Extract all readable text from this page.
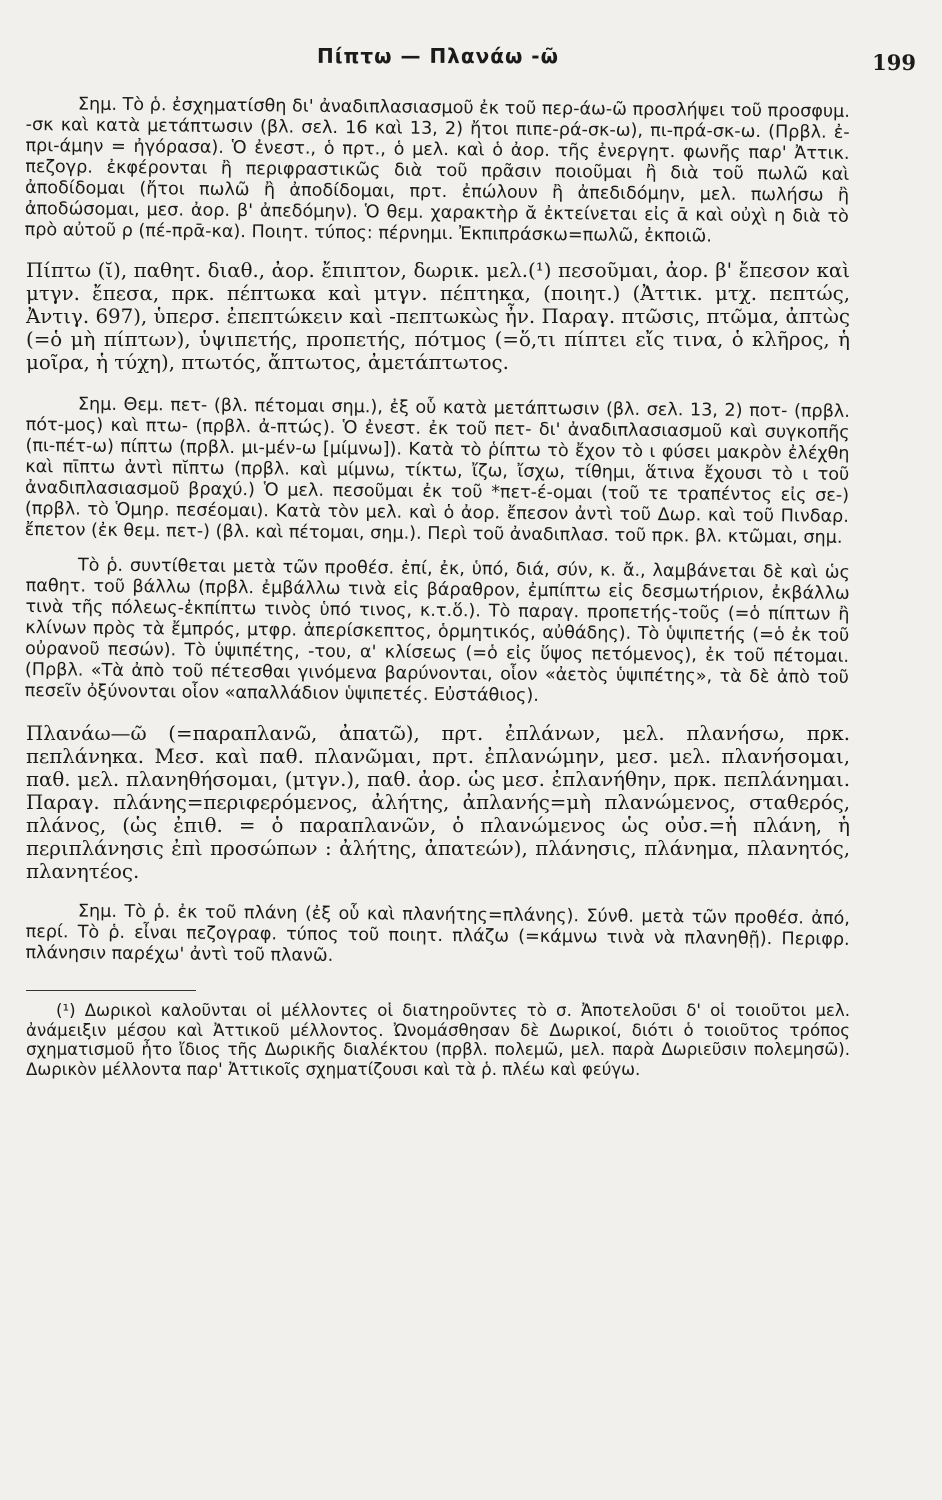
Πίπτω — Πλανάω -ῶ	199

Σημ. Τὸ ῥ. ἐσχηματίσθη δι' ἀναδιπλασιασμοῦ ἐκ τοῦ περ-άω-ῶ προσλήψει τοῦ προσφυμ. -σκ καὶ κατὰ μετάπτωσιν (βλ. σελ. 16 καὶ 13, 2) ἤτοι πιπε-ρά-σκ-ω), πι-πρά-σκ-ω. (Πρβλ. ἐ-πρι-άμην = ἠγόρασα). Ὁ ἐνεστ., ὁ πρτ., ὁ μελ. καὶ ὁ ἀορ. τῆς ἐνεργητ. φωνῆς παρ' Ἀττικ. πεζογρ. ἐκφέρονται ἢ περιφραστικῶς διὰ τοῦ πρᾶσιν ποιοῦμαι ἢ διὰ τοῦ πωλῶ καὶ ἀποδίδομαι (ἤτοι πωλῶ ἢ ἀποδίδομαι, πρτ. ἐπώλουν ἢ ἀπεδιδόμην, μελ. πωλήσω ἢ ἀποδώσομαι, μεσ. ἀορ. β' ἀπεδόμην). Ὁ θεμ. χαρακτὴρ ᾰ ἐκτείνεται εἰς ᾱ καὶ οὐχὶ η διὰ τὸ πρὸ αὐτοῦ ρ (πέ-πρᾱ-κα). Ποιητ. τύπος: πέρνημι. Ἐκπιπράσκω=πωλῶ, ἐκποιῶ.

Πίπτω (ῐ), παθητ. διαθ., ἀορ. ἔπιπτον, δωρικ. μελ.(¹) πεσοῦμαι, ἀορ. β' ἔπεσον καὶ μτγν. ἔπεσα, πρκ. πέπτωκα καὶ μτγν. πέπτηκα, (ποιητ.) (Ἀττικ. μτχ. πεπτώς, Ἀντιγ. 697), ὑπερσ. ἐπεπτώκειν καὶ -πεπτωκὼς ἦν. Παραγ. πτῶσις, πτῶμα, ἀπτὼς (=ὁ μὴ πίπτων), ὑψιπετής, προπετής, πότμος (=ὅ,τι πίπτει εἴς τινα, ὁ κλῆρος, ἡ μοῖρα, ἡ τύχη), πτωτός, ἄπτωτος, ἀμετάπτωτος.

Σημ. Θεμ. πετ- (βλ. πέτομαι σημ.), ἐξ οὗ κατὰ μετάπτωσιν (βλ. σελ. 13, 2) ποτ- (πρβλ. πότ-μος) καὶ πτω- (πρβλ. ἀ-πτώς). Ὁ ἐνεστ. ἐκ τοῦ πετ- δι' ἀναδιπλασιασμοῦ καὶ συγκοπῆς (πι-πέτ-ω) πίπτω (πρβλ. μι-μέν-ω [μίμνω]). Κατὰ τὸ ῥίπτω τὸ ἔχον τὸ ι φύσει μακρὸν ἐλέχθη καὶ πῑπτω ἀντὶ πῐπτω (πρβλ. καὶ μίμνω, τίκτω, ἴζω, ἴσχω, τίθημι, ἅτινα ἔχουσι τὸ ι τοῦ ἀναδιπλασιασμοῦ βραχύ.) Ὁ μελ. πεσοῦμαι ἐκ τοῦ *πετ-έ-ομαι (τοῦ τε τραπέντος εἰς σε-) (πρβλ. τὸ Ὁμηρ. πεσέομαι). Κατὰ τὸν μελ. καὶ ὁ ἀορ. ἔπεσον ἀντὶ τοῦ Δωρ. καὶ τοῦ Πινδαρ. ἔπετον (ἐκ θεμ. πετ-) (βλ. καὶ πέτομαι, σημ.). Περὶ τοῦ ἀναδιπλασ. τοῦ πρκ. βλ. κτῶμαι, σημ.

Τὸ ῥ. συντίθεται μετὰ τῶν προθέσ. ἐπί, ἐκ, ὑπό, διά, σύν, κ. ἄ., λαμβάνεται δὲ καὶ ὡς παθητ. τοῦ βάλλω (πρβλ. ἐμβάλλω τινὰ εἰς βάραθρον, ἐμπίπτω εἰς δεσμωτήριον, ἐκβάλλω τινὰ τῆς πόλεως-ἐκπίπτω τινὸς ὑπό τινος, κ.τ.ὅ.). Τὸ παραγ. προπετής-τοῦς (=ὁ πίπτων ἢ κλίνων πρὸς τὰ ἔμπρός, μτφρ. ἀπερίσκεπτος, ὁρμητικός, αὐθάδης). Τὸ ὑψιπετής (=ὁ ἐκ τοῦ οὐρανοῦ πεσών). Τὸ ὑψιπέτης, -του, α' κλίσεως (=ὁ εἰς ὕψος πετόμενος), ἐκ τοῦ πέτομαι. (Πρβλ. «Τὰ ἀπὸ τοῦ πέτεσθαι γινόμενα βαρύνονται, οἷον «ἀετὸς ὑψιπέτης», τὰ δὲ ἀπὸ τοῦ πεσεῖν ὀξύνονται οἷον «απαλλάδιον ὑψιπετές. Εὐστάθιος).

Πλανάω—ῶ (=παραπλανῶ, ἀπατῶ), πρτ. ἐπλάνων, μελ. πλανήσω, πρκ. πεπλάνηκα. Μεσ. καὶ παθ. πλανῶμαι, πρτ. ἐπλανώμην, μεσ. μελ. πλανήσομαι, παθ. μελ. πλανηθήσομαι, (μτγν.), παθ. ἀορ. ὡς μεσ. ἐπλανήθην, πρκ. πεπλάνημαι. Παραγ. πλάνης=περιφερόμενος, ἀλήτης, ἀπλανής=μὴ πλανώμενος, σταθερός, πλάνος, (ὡς ἐπιθ. = ὁ παραπλανῶν, ὁ πλανώμενος ὡς οὐσ.=ἡ πλάνη, ἡ περιπλάνησις ἐπὶ προσώπων : ἀλήτης, ἀπατεών), πλάνησις, πλάνημα, πλανητός, πλανητέος.

Σημ. Τὸ ῥ. ἐκ τοῦ πλάνη (ἐξ οὗ καὶ πλανήτης=πλάνης). Σύνθ. μετὰ τῶν προθέσ. ἀπό, περί. Τὸ ῥ. εἶναι πεζογραφ. τύπος τοῦ ποιητ. πλάζω (=κάμνω τινὰ νὰ πλανηθῇ). Περιφρ. πλάνησιν παρέχω' ἀντὶ τοῦ πλανῶ.

(¹) Δωρικοὶ καλοῦνται οἱ μέλλοντες οἱ διατηροῦντες τὸ σ. Ἀποτελοῦσι δ' οἱ τοιοῦτοι μελ. ἀνάμειξιν μέσου καὶ Ἀττικοῦ μέλλοντος. Ὠνομάσθησαν δὲ Δωρικοί, διότι ὁ τοιοῦτος τρόπος σχηματισμοῦ ἦτο ἴδιος τῆς Δωρικῆς διαλέκτου (πρβλ. πολεμῶ, μελ. παρὰ Δωριεῦσιν πολεμησῶ). Δωρικὸν μέλλοντα παρ' Ἀττικοῖς σχηματίζουσι καὶ τὰ ῥ. πλέω καὶ φεύγω.
